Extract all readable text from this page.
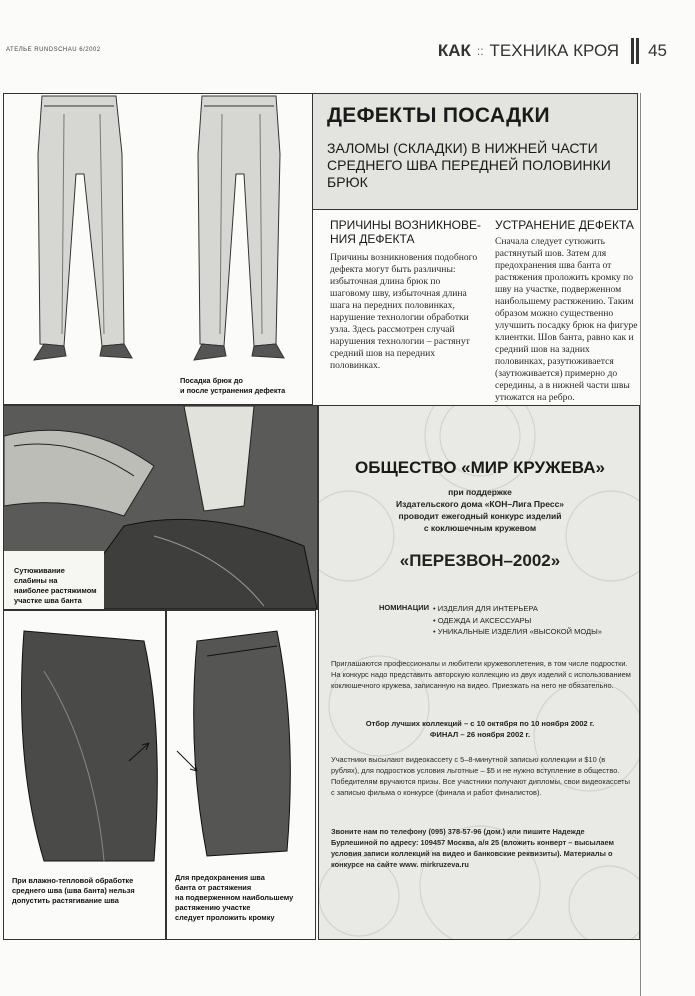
АТЕЛЬЕ RUNDSCHAU 6/2002	КАК :: ТЕХНИКА КРОЯ 45
Посадка брюк до
и после устранения дефекта
ДЕФЕКТЫ ПОСАДКИ
ЗАЛОМЫ (СКЛАДКИ) В НИЖНЕЙ ЧАСТИ
СРЕДНЕГО ШВА ПЕРЕДНЕЙ ПОЛОВИНКИ
БРЮК
ПРИЧИНЫ ВОЗНИКНОВЕ-
НИЯ ДЕФЕКТА
Причины возникновения подобного дефекта могут быть различны: избыточная длина брюк по шаговому шву, избыточная длина шага на передних половинках, нарушение технологии обработки узла. Здесь рассмотрен случай нарушения технологии – растянут средний шов на передних половинках.
УСТРАНЕНИЕ ДЕФЕКТА
Сначала следует сутюжить растянутый шов. Затем для предохранения шва банта от растяжения проложить кромку по шву на участке, подверженном наибольшему растяжению. Таким образом можно существенно улучшить посадку брюк на фигуре клиентки. Шов банта, равно как и средний шов на задних половинках, разутюживается (заутюживается) примерно до середины, а в нижней части швы утюжатся на ребро.
Сутюживание
слабины на
наиболее растяжимом
участке шва банта
При влажно-тепловой обработке
среднего шва (шва банта) нельзя
допустить растягивание шва
Для предохранения шва
банта от растяжения
на подверженном наибольшему
растяжению участке
следует проложить кромку
ОБЩЕСТВО «МИР КРУЖЕВА»
при поддержке
Издательского дома «КОН–Лига Пресс»
проводит ежегодный конкурс изделий
с коклюшечным кружевом
«ПЕРЕЗВОН–2002»
НОМИНАЦИИ • ИЗДЕЛИЯ ДЛЯ ИНТЕРЬЕРА
• ОДЕЖДА И АКСЕССУАРЫ
• УНИКАЛЬНЫЕ ИЗДЕЛИЯ «ВЫСОКОЙ МОДЫ»
Приглашаются профессионалы и любители кружевоплетения, в том числе подростки. На конкурс надо представить авторскую коллекцию из двух изделий с использованием коклюшечного кружева, записанную на видео. Приезжать на него не обязательно.
Отбор лучших коллекций – с 10 октября по 10 ноября 2002 г.
ФИНАЛ – 26 ноября 2002 г.
Участники высылают видеокассету с 5–8-минутной записью коллекции и $10 (в рублях), для подростков условия льготные – $5 и не нужно вступление в общество. Победителям вручаются призы. Все участники получают дипломы, свои видеокассеты с записью фильма о конкурсе (финала и работ финалистов).
Звоните нам по телефону (095) 378-57-96 (дом.) или пишите Надежде Бурлешиной по адресу: 109457 Москва, а/я 25 (вложить конверт – высылаем условия записи коллекций на видео и банковские реквизиты). Материалы о конкурсе на сайте www. mirkruzeva.ru
